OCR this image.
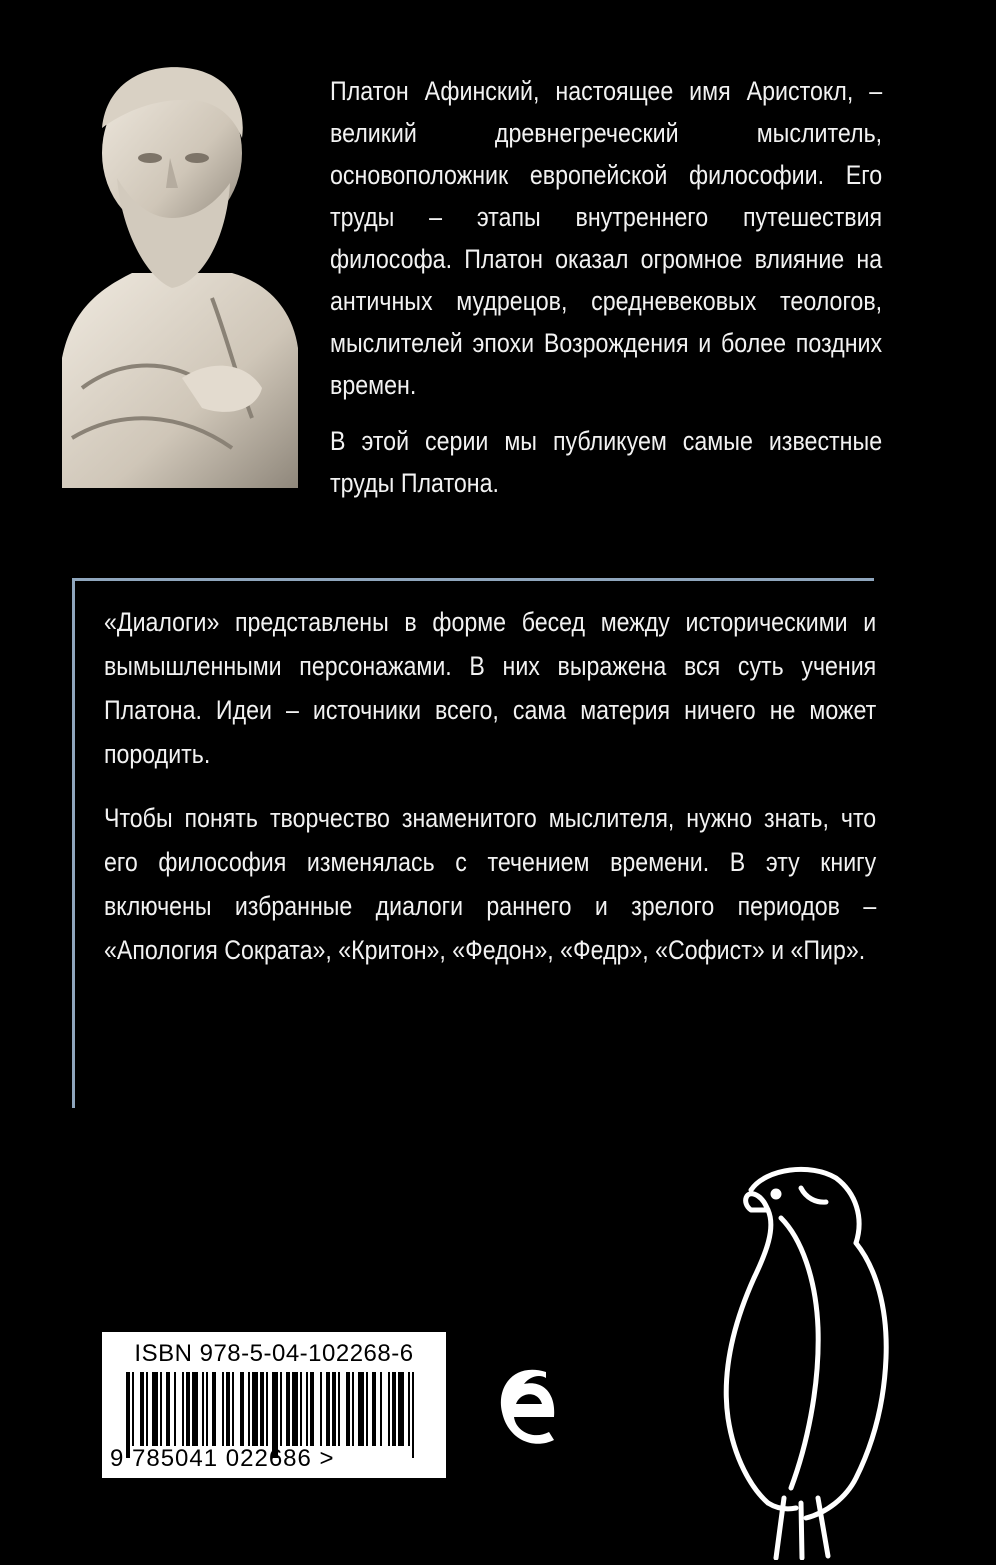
Платон Афинский, настоящее имя Аристокл, – великий древнегреческий мыслитель, основоположник европейской философии. Его труды – этапы внутреннего путешествия философа. Платон оказал огромное влияние на античных мудрецов, средневековых теологов, мыслителей эпохи Возрождения и более поздних времен.

В этой серии мы публикуем самые известные труды Платона.

«Диалоги» представлены в форме бесед между историческими и вымышленными персонажами. В них выражена вся суть учения Платона. Идеи – источники всего, сама материя ничего не может породить.

Чтобы понять творчество знаменитого мыслителя, нужно знать, что его философия изменялась с течением времени. В эту книгу включены избранные диалоги раннего и зрелого периодов – «Апология Сократа», «Критон», «Федон», «Федр», «Софист» и «Пир».

ISBN 978-5-04-102268-6
9 785041 022686 >
